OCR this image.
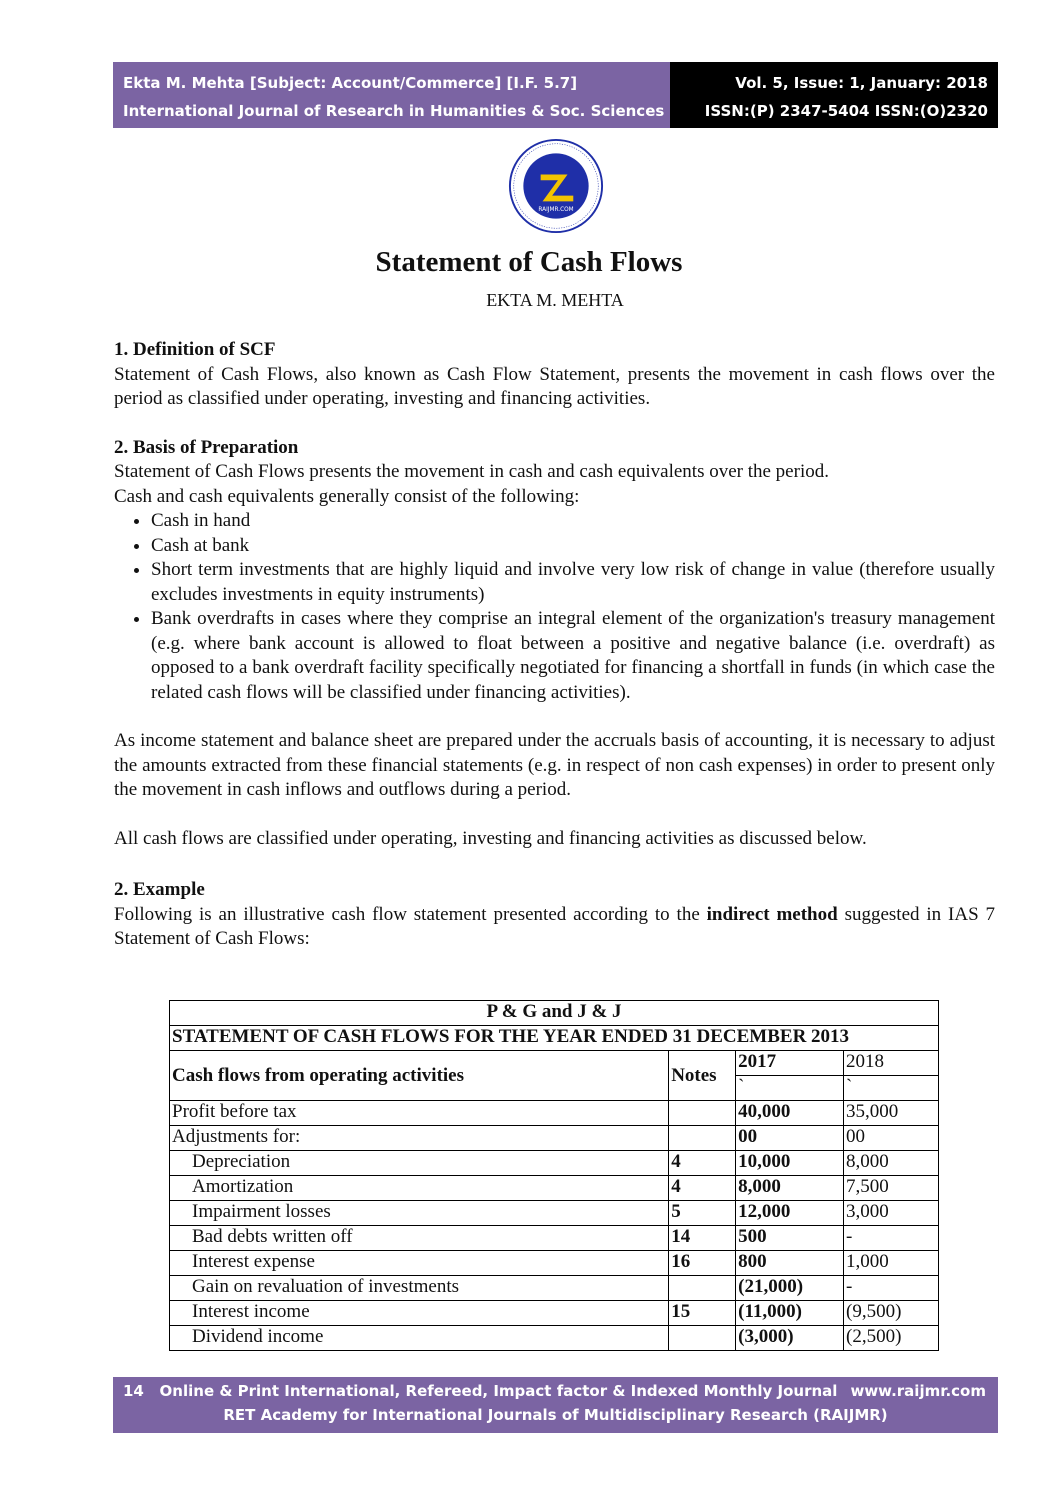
Ekta M. Mehta [Subject: Account/Commerce] [I.F. 5.7]
International Journal of Research in Humanities & Soc. Sciences
Vol. 5, Issue: 1, January: 2018
ISSN:(P) 2347-5404 ISSN:(O)2320 771X
RAIJMR.COM
Statement of Cash Flows
EKTA M. MEHTA

1. Definition of SCF

Statement of Cash Flows, also known as Cash Flow Statement, presents the movement in cash flows over the period as classified under operating, investing and financing activities.

2. Basis of Preparation

Statement of Cash Flows presents the movement in cash and cash equivalents over the period.

Cash and cash equivalents generally consist of the following:

• Cash in hand
• Cash at bank
• Short term investments that are highly liquid and involve very low risk of change in value (therefore usually excludes investments in equity instruments)
• Bank overdrafts in cases where they comprise an integral element of the organization's treasury management (e.g. where bank account is allowed to float between a positive and negative balance (i.e. overdraft) as opposed to a bank overdraft facility specifically negotiated for financing a shortfall in funds (in which case the related cash flows will be classified under financing activities).

As income statement and balance sheet are prepared under the accruals basis of accounting, it is necessary to adjust the amounts extracted from these financial statements (e.g. in respect of non cash expenses) in order to present only the movement in cash inflows and outflows during a period.

All cash flows are classified under operating, investing and financing activities as discussed below.

2. Example

Following is an illustrative cash flow statement presented according to the indirect method suggested in IAS 7 Statement of Cash Flows:

P & G and J & J			
STATEMENT OF CASH FLOWS FOR THE YEAR ENDED 31 DECEMBER 2013			
Cash flows from operating activities	Notes	2017	2018
		`	`
Profit before tax		40,000	35,000
Adjustments for:		00	00
Depreciation	4	10,000	8,000
Amortization	4	8,000	7,500
Impairment losses	5	12,000	3,000
Bad debts written off	14	500	-
Interest expense	16	800	1,000
Gain on revaluation of investments		(21,000)	-
Interest income	15	(11,000)	(9,500)
Dividend income		(3,000)	(2,500)
14 Online & Print International, Refereed, Impact factor & Indexed Monthly Journal www.raijmr.com
RET Academy for International Journals of Multidisciplinary Research (RAIJMR)
